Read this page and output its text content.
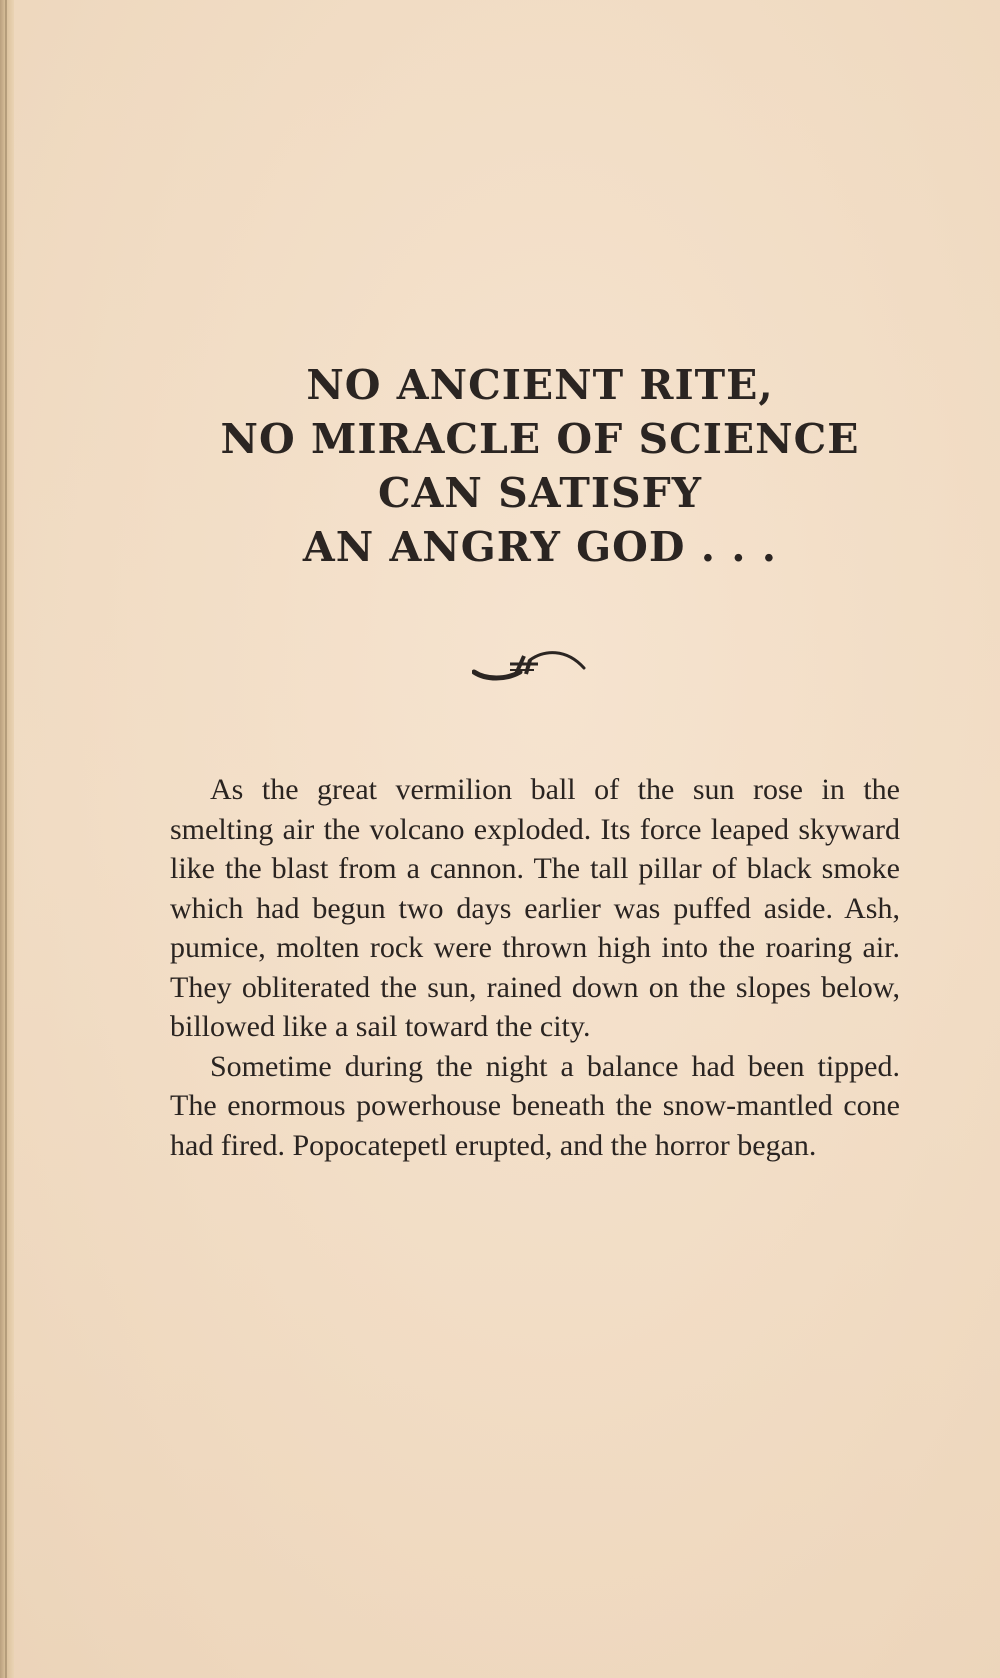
NO ANCIENT RITE,
NO MIRACLE OF SCIENCE
CAN SATISFY
AN ANGRY GOD . . .

As the great vermilion ball of the sun rose in the smelting air the volcano exploded. Its force leaped skyward like the blast from a cannon. The tall pillar of black smoke which had begun two days earlier was puffed aside. Ash, pumice, molten rock were thrown high into the roaring air. They obliterated the sun, rained down on the slopes below, billowed like a sail toward the city.

Sometime during the night a balance had been tipped. The enormous powerhouse beneath the snow-mantled cone had fired. Popocatepetl erupted, and the horror began.
